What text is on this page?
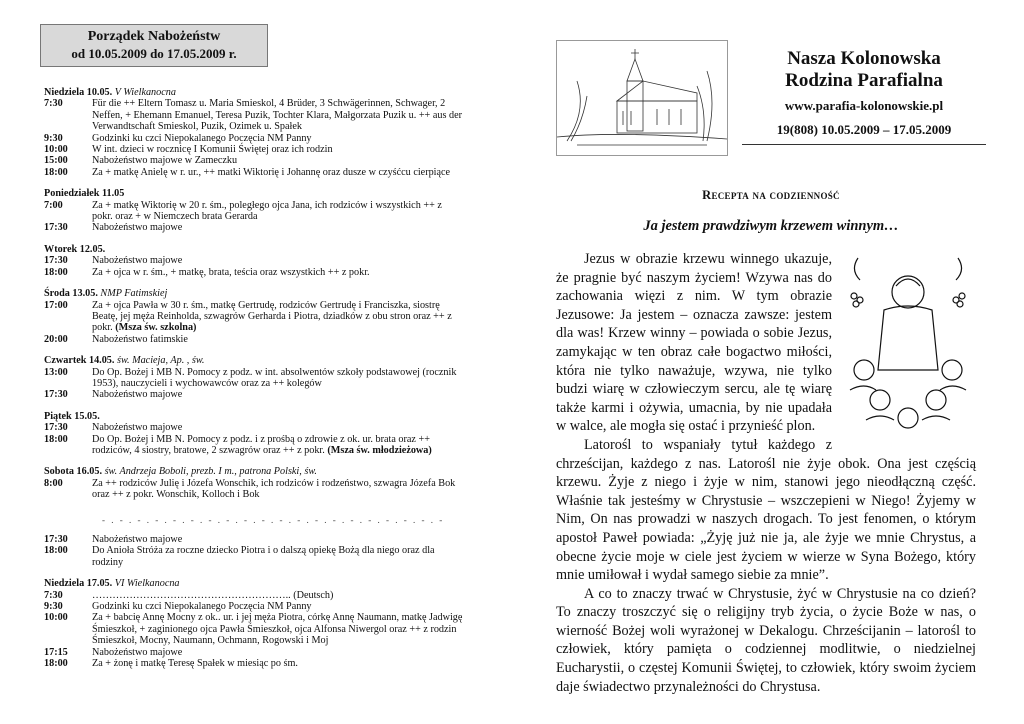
Porządek Nabożeństw
od 10.05.2009 do 17.05.2009 r.
Niedziela 10.05. V Wielkanocna
7:30	Für die ++ Eltern Tomasz u. Maria Smieskol, 4 Brüder, 3 Schwägerinnen, Schwager, 2 Neffen, + Ehemann Emanuel, Teresa Puzik, Tochter Klara, Małgorzata Puzik u. ++ aus der Verwandtschaft Smieskol, Puzik, Ozimek u. Spałek
9:30	Godzinki ku czci Niepokalanego Poczęcia NM Panny
10:00	W int. dzieci w rocznicę I Komunii Świętej oraz ich rodzin
15:00	Nabożeństwo majowe w Zameczku
18:00	Za + matkę Anielę w r. ur., ++ matki Wiktorię i Johannę oraz dusze w czyśćcu cierpiące
Poniedziałek 11.05
7:00	Za + matkę Wiktorię w 20 r. śm., poległego ojca Jana, ich rodziców i wszystkich ++ z pokr. oraz + w Niemczech brata Gerarda
17:30	Nabożeństwo majowe
Wtorek 12.05.
17:30	Nabożeństwo majowe
18:00	Za + ojca w r. śm., + matkę, brata, teścia oraz wszystkich ++ z pokr.
Środa 13.05. NMP Fatimskiej
17:00	Za + ojca Pawła w 30 r. śm., matkę Gertrudę, rodziców Gertrudę i Franciszka, siostrę Beatę, jej męża Reinholda, szwagrów Gerharda i Piotra, dziadków z obu stron oraz ++ z pokr. (Msza św. szkolna)
20:00	Nabożeństwo fatimskie
Czwartek 14.05. św. Macieja, Ap. , św.
13:00	Do Op. Bożej i MB N. Pomocy z podz. w int. absolwentów szkoły podstawowej (rocznik 1953), nauczycieli i wychowawców oraz za ++ kolegów
17:30	Nabożeństwo majowe
Piątek 15.05.
17:30	Nabożeństwo majowe
18:00	Do Op. Bożej i MB N. Pomocy z podz. i z prośbą o zdrowie z ok. ur. brata oraz ++ rodziców, 4 siostry, bratowe, 2 szwagrów oraz ++ z pokr. (Msza św. młodzieżowa)
Sobota 16.05. św. Andrzeja Boboli, prezb. I m., patrona Polski, św.
8:00	Za ++ rodziców Julię i Józefa Wonschik, ich rodziców i rodzeństwo, szwagra Józefa Bok oraz ++ z pokr. Wonschik, Kolloch i Bok
- . - . - . - . - . - . - . - . - . - . - . - . - . - . - . - . - . - . - . -
17:30	Nabożeństwo majowe
18:00	Do Anioła Stróża za roczne dziecko Piotra i o dalszą opiekę Bożą dla niego oraz dla rodziny
Niedziela 17.05. VI Wielkanocna
7:30	………………………………………………….. (Deutsch)
9:30	Godzinki ku czci Niepokalanego Poczęcia NM Panny
10:00	Za + babcię Annę Mocny z ok.. ur. i jej męża Piotra, córkę Annę Naumann, matkę Jadwigę Śmieszkoł, + zaginionego ojca Pawła Śmieszkoł, ojca Alfonsa Niwergol oraz ++ z rodzin Śmieszkoł, Mocny, Naumann, Ochmann, Rogowski i Moj
17:15	Nabożeństwo majowe
18:00	Za + żonę i matkę Teresę Spałek w miesiąc po śm.
Nasza Kolonowska
Rodzina Parafialna
www.parafia-kolonowskie.pl
19(808) 10.05.2009 – 17.05.2009
Recepta na codzienność
Ja jestem prawdziwym krzewem winnym…

Jezus w obrazie krzewu winnego ukazuje, że pragnie być naszym życiem! Wzywa nas do zachowania więzi z nim. W tym obrazie Jezusowe: Ja jestem – oznacza zawsze: jestem dla was! Krzew winny – powiada o sobie Jezus, zamykając w ten obraz całe bogactwo miłości, która nie tylko naważuje, wzywa, nie tylko budzi wiarę w człowieczym sercu, ale tę wiarę także karmi i ożywia, umacnia, by nie upadała w walce, ale mogła się ostać i przynieść plon.

Latorośl to wspaniały tytuł każdego z chrześcijan, każdego z nas. Latorośl nie żyje obok. Ona jest częścią krzewu. Żyje z niego i żyje w nim, stanowi jego nieodłączną część. Właśnie tak jesteśmy w Chrystusie – wszczepieni w Niego! Żyjemy w Nim, On nas prowadzi w naszych drogach. To jest fenomen, o którym apostoł Paweł powiada: „Żyję już nie ja, ale żyje we mnie Chrystus, a obecne życie moje w ciele jest życiem w wierze w Syna Bożego, który mnie umiłował i wydał samego siebie za mnie”.

A co to znaczy trwać w Chrystusie, żyć w Chrystusie na co dzień? To znaczy troszczyć się o religijny tryb życia, o życie Boże w nas, o wierność Bożej woli wyrażonej w Dekalogu. Chrześcijanin – latorośl to człowiek, który pamięta o codziennej modlitwie, o niedzielnej Eucharystii, o częstej Komunii Świętej, to człowiek, który swoim życiem daje świadectwo przynależności do Chrystusa.
